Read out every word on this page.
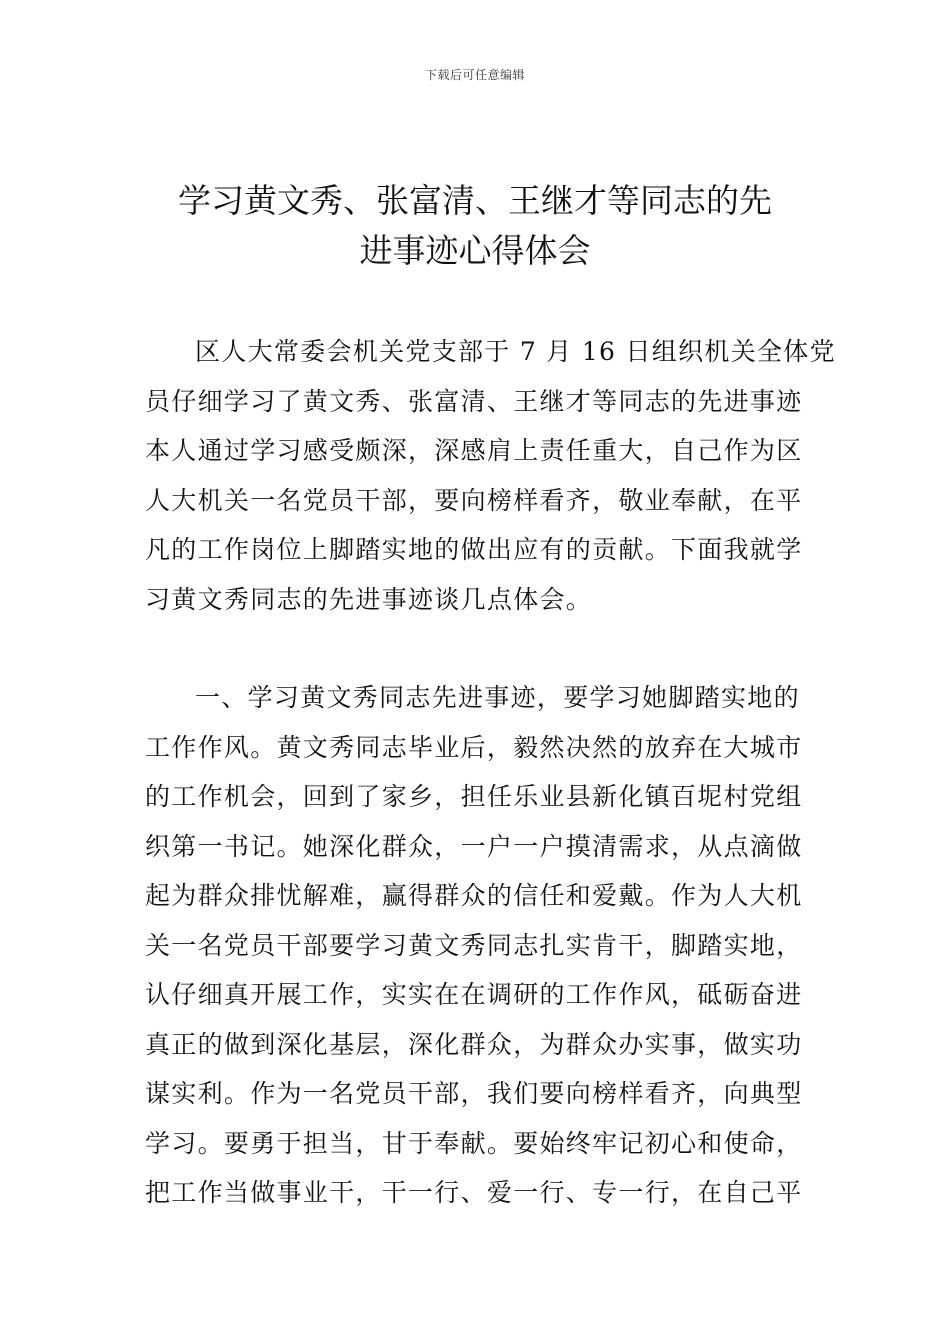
下载后可任意编辑
学习黄文秀、张富清、王继才等同志的先
进事迹心得体会
区人大常委会机关党支部于 7 月 16 日组织机关全体党
员仔细学习了黄文秀、张富清、王继才等同志的先进事迹
本人通过学习感受颇深，深感肩上责任重大，自己作为区
人大机关一名党员干部，要向榜样看齐，敬业奉献，在平
凡的工作岗位上脚踏实地的做出应有的贡献。下面我就学
习黄文秀同志的先进事迹谈几点体会。
一、学习黄文秀同志先进事迹，要学习她脚踏实地的
工作作风。黄文秀同志毕业后，毅然决然的放弃在大城市
的工作机会，回到了家乡，担任乐业县新化镇百坭村党组
织第一书记。她深化群众，一户一户摸清需求，从点滴做
起为群众排忧解难，赢得群众的信任和爱戴。作为人大机
关一名党员干部要学习黄文秀同志扎实肯干，脚踏实地，
认仔细真开展工作，实实在在调研的工作作风，砥砺奋进
真正的做到深化基层，深化群众，为群众办实事，做实功
谋实利。作为一名党员干部，我们要向榜样看齐，向典型
学习。要勇于担当，甘于奉献。要始终牢记初心和使命，
把工作当做事业干，干一行、爱一行、专一行，在自己平
